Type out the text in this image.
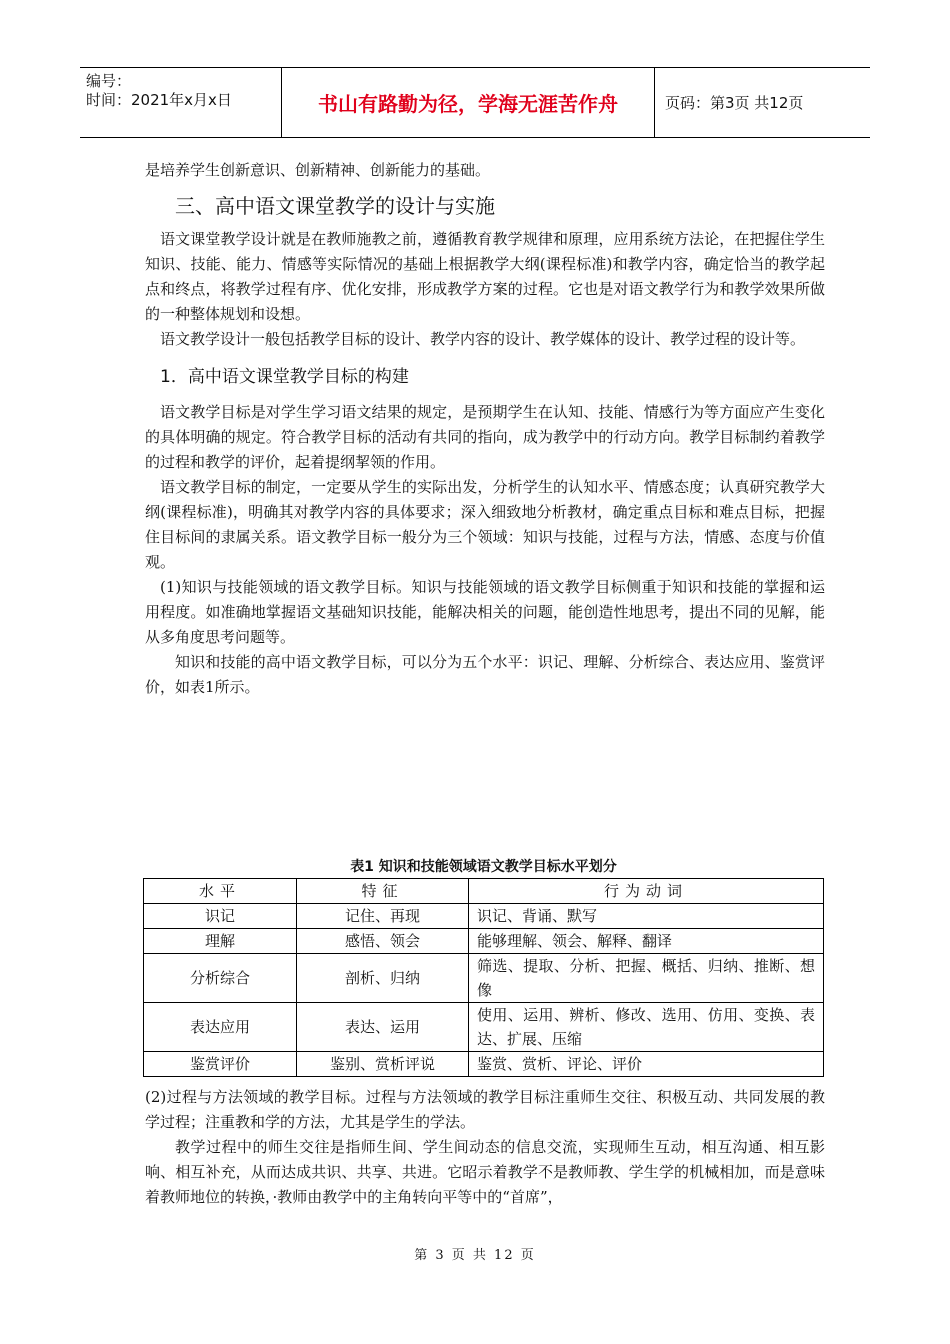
编号：
时间：2021年x月x日	书山有路勤为径，学海无涯苦作舟	页码：第3页 共12页

是培养学生创新意识、创新精神、创新能力的基础。

三、高中语文课堂教学的设计与实施

语文课堂教学设计就是在教师施教之前，遵循教育教学规律和原理，应用系统方法论，在把握住学生知识、技能、能力、情感等实际情况的基础上根据教学大纲(课程标准)和教学内容，确定恰当的教学起点和终点，将教学过程有序、优化安排，形成教学方案的过程。它也是对语文教学行为和教学效果所做的一种整体规划和设想。

语文教学设计一般包括教学目标的设计、教学内容的设计、教学媒体的设计、教学过程的设计等。

1．高中语文课堂教学目标的构建

语文教学目标是对学生学习语文结果的规定，是预期学生在认知、技能、情感行为等方面应产生变化的具体明确的规定。符合教学目标的活动有共同的指向，成为教学中的行动方向。教学目标制约着教学的过程和教学的评价，起着提纲挈领的作用。

语文教学目标的制定，一定要从学生的实际出发，分析学生的认知水平、情感态度；认真研究教学大纲(课程标准)，明确其对教学内容的具体要求；深入细致地分析教材，确定重点目标和难点目标，把握住目标间的隶属关系。语文教学目标一般分为三个领域：知识与技能，过程与方法，情感、态度与价值观。

(1)知识与技能领域的语文教学目标。知识与技能领域的语文教学目标侧重于知识和技能的掌握和运用程度。如准确地掌握语文基础知识技能，能解决相关的问题，能创造性地思考，提出不同的见解，能从多角度思考问题等。

知识和技能的高中语文教学目标，可以分为五个水平：识记、理解、分析综合、表达应用、鉴赏评价，如表1所示。

表1 知识和技能领域语文教学目标水平划分
水平	特征	行为动词
识记	记住、再现	识记、背诵、默写
理解	感悟、领会	能够理解、领会、解释、翻译
分析综合	剖析、归纳	筛选、提取、分析、把握、概括、归纳、推断、想像
表达应用	表达、运用	使用、运用、辨析、修改、选用、仿用、变换、表达、扩展、压缩
鉴赏评价	鉴别、赏析评说	鉴赏、赏析、评论、评价

(2)过程与方法领域的教学目标。过程与方法领域的教学目标注重师生交往、积极互动、共同发展的教学过程；注重教和学的方法，尤其是学生的学法。

教学过程中的师生交往是指师生间、学生间动态的信息交流，实现师生互动，相互沟通、相互影响、相互补充，从而达成共识、共享、共进。它昭示着教学不是教师教、学生学的机械相加，而是意味着教师地位的转换，·教师由教学中的主角转向平等中的“首席”，

第 3 页 共 12 页
